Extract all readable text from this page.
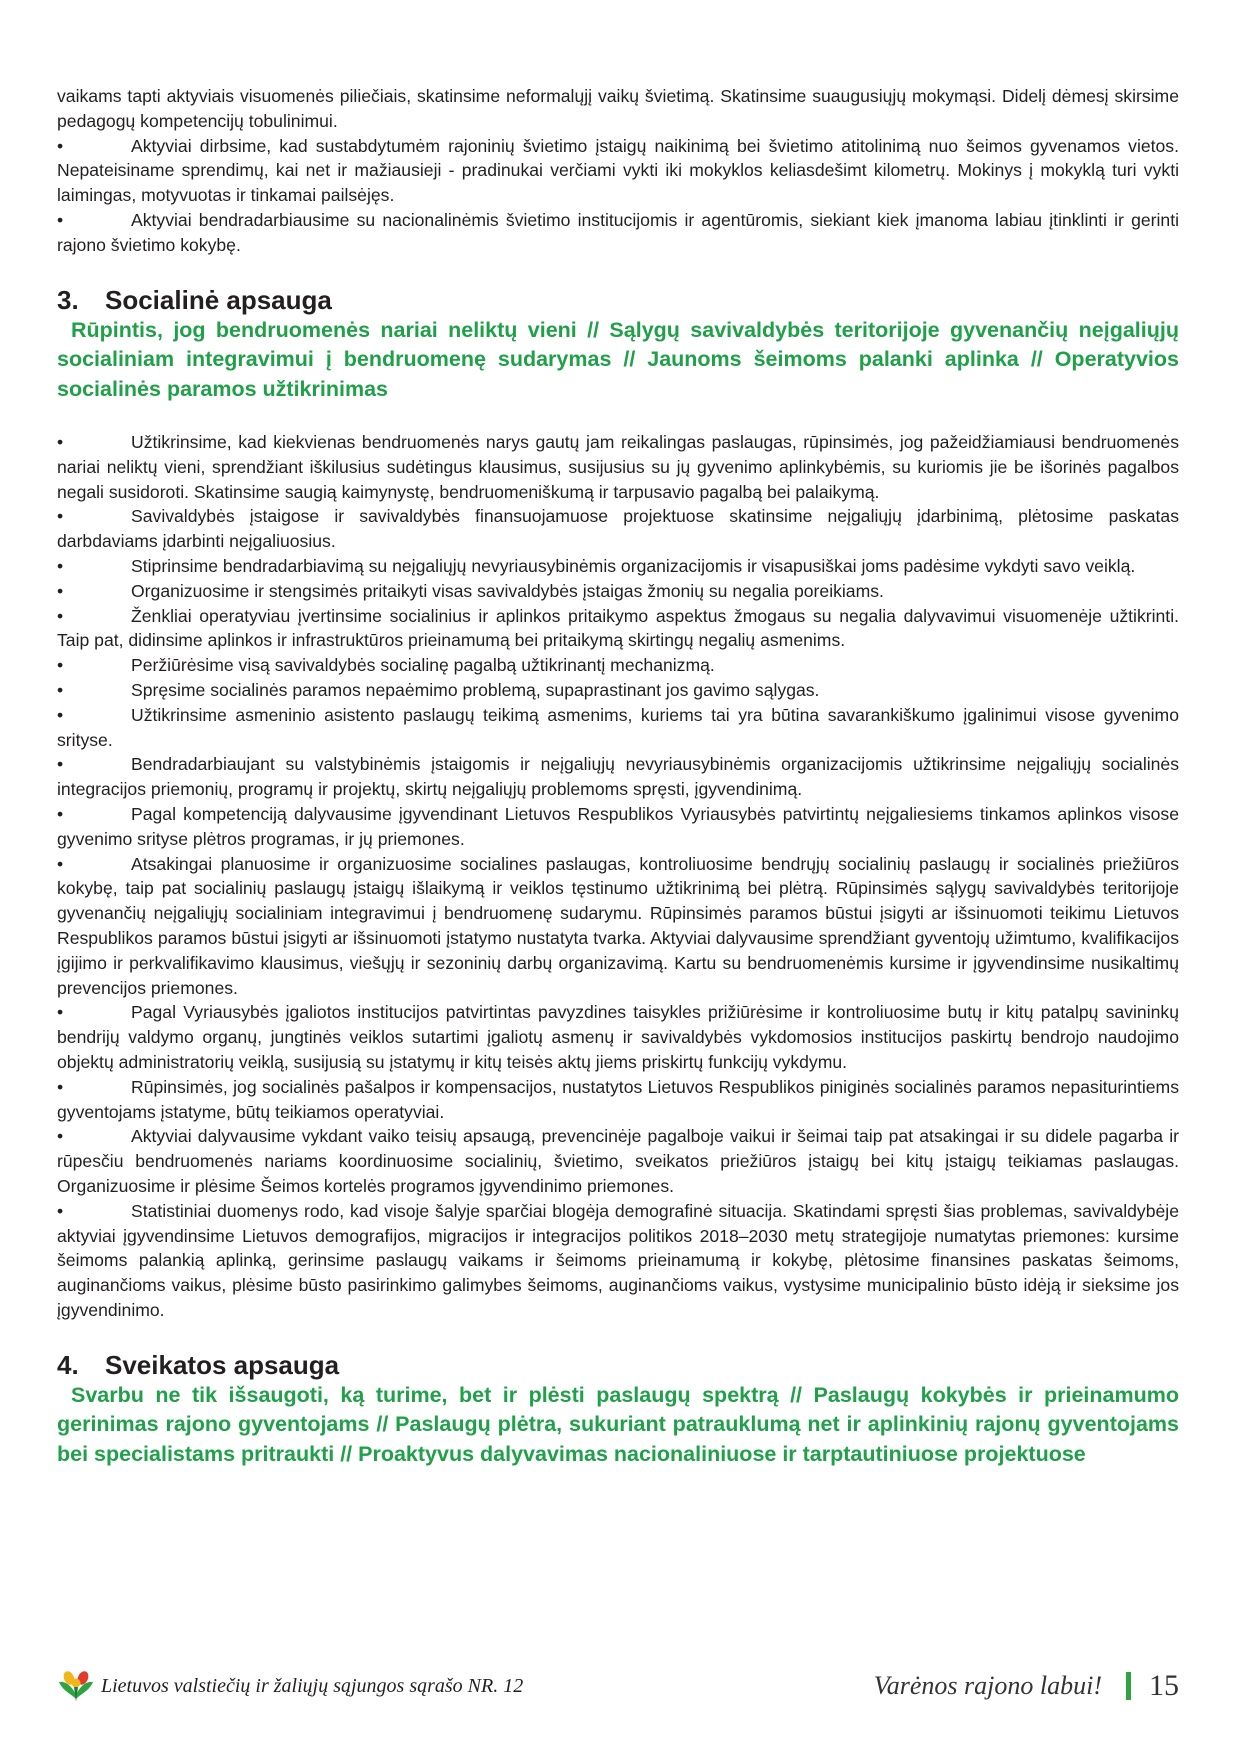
vaikams tapti aktyviais visuomenės piliečiais, skatinsime neformalųjį vaikų švietimą. Skatinsime suaugusiųjų mokymąsi. Didelį dėmesį skirsime pedagogų kompetencijų tobulinimui.

•	Aktyviai dirbsime, kad sustabdytumėm rajoninių švietimo įstaigų naikinimą bei švietimo atitolinimą nuo šeimos gyvenamos vietos. Nepateisiname sprendimų, kai net ir mažiausieji - pradinukai verčiami vykti iki mokyklos keliasdešimt kilometrų. Mokinys į mokyklą turi vykti laimingas, motyvuotas ir tinkamai pailsėjęs.

•	Aktyviai bendradarbiausime su nacionalinėmis švietimo institucijomis ir agentūromis, siekiant kiek įmanoma labiau įtinklinti ir gerinti rajono švietimo kokybę.

3. Socialinė apsauga

Rūpintis, jog bendruomenės nariai neliktų vieni // Sąlygų savivaldybės teritorijoje gyvenančių neįgaliųjų socialiniam integravimui į bendruomenę sudarymas // Jaunoms šeimoms palanki aplinka // Operatyvios socialinės paramos užtikrinimas

•	Užtikrinsime, kad kiekvienas bendruomenės narys gautų jam reikalingas paslaugas, rūpinsimės, jog pažeidžiamiausi bendruomenės nariai neliktų vieni, sprendžiant iškilusius sudėtingus klausimus, susijusius su jų gyvenimo aplinkybėmis, su kuriomis jie be išorinės pagalbos negali susidoroti. Skatinsime saugią kaimynystę, bendruomeniškumą ir tarpusavio pagalbą bei palaikymą.

•	Savivaldybės įstaigose ir savivaldybės finansuojamuose projektuose skatinsime neįgaliųjų įdarbinimą, plėtosime paskatas darbdaviams įdarbinti neįgaliuosius.

•	Stiprinsime bendradarbiavimą su neįgaliųjų nevyriausybinėmis organizacijomis ir visapusiškai joms padėsime vykdyti savo veiklą.

•	Organizuosime ir stengsimės pritaikyti visas savivaldybės įstaigas žmonių su negalia poreikiams.

•	Ženkliai operatyviau įvertinsime socialinius ir aplinkos pritaikymo aspektus žmogaus su negalia dalyvavimui visuomenėje užtikrinti. Taip pat, didinsime aplinkos ir infrastruktūros prieinamumą bei pritaikymą skirtingų negalių asmenims.

•	Peržiūrėsime visą savivaldybės socialinę pagalbą užtikrinantį mechanizmą.

•	Spręsime socialinės paramos nepaėmimo problemą, supaprastinant jos gavimo sąlygas.

•	Užtikrinsime asmeninio asistento paslaugų teikimą asmenims, kuriems tai yra būtina savarankiškumo įgalinimui visose gyvenimo srityse.

•	Bendradarbiaujant su valstybinėmis įstaigomis ir neįgaliųjų nevyriausybinėmis organizacijomis užtikrinsime neįgaliųjų socialinės integracijos priemonių, programų ir projektų, skirtų neįgaliųjų problemoms spręsti, įgyvendinimą.

•	Pagal kompetenciją dalyvausime įgyvendinant Lietuvos Respublikos Vyriausybės patvirtintų neįgaliesiems tinkamos aplinkos visose gyvenimo srityse plėtros programas, ir jų priemones.

•	Atsakingai planuosime ir organizuosime socialines paslaugas, kontroliuosime bendrųjų socialinių paslaugų ir socialinės priežiūros kokybę, taip pat socialinių paslaugų įstaigų išlaikymą ir veiklos tęstinumo užtikrinimą bei plėtrą. Rūpinsimės sąlygų savivaldybės teritorijoje gyvenančių neįgaliųjų socialiniam integravimui į bendruomenę sudarymu. Rūpinsimės paramos būstui įsigyti ar išsinuomoti teikimu Lietuvos Respublikos paramos būstui įsigyti ar išsinuomoti įstatymo nustatyta tvarka. Aktyviai dalyvausime sprendžiant gyventojų užimtumo, kvalifikacijos įgijimo ir perkvalifikavimo klausimus, viešųjų ir sezoninių darbų organizavimą. Kartu su bendruomenėmis kursime ir įgyvendinsime nusikaltimų prevencijos priemones.

•	Pagal Vyriausybės įgaliotos institucijos patvirtintas pavyzdines taisykles prižiūrėsime ir kontroliuosime butų ir kitų patalpų savininkų bendrijų valdymo organų, jungtinės veiklos sutartimi įgaliotų asmenų ir savivaldybės vykdomosios institucijos paskirtų bendrojo naudojimo objektų administratorių veiklą, susijusią su įstatymų ir kitų teisės aktų jiems priskirtų funkcijų vykdymu.

•	Rūpinsimės, jog socialinės pašalpos ir kompensacijos, nustatytos Lietuvos Respublikos piniginės socialinės paramos nepasiturintiems gyventojams įstatyme, būtų teikiamos operatyviai.

•	Aktyviai dalyvausime vykdant vaiko teisių apsaugą, prevencinėje pagalboje vaikui ir šeimai taip pat atsakingai ir su didele pagarba ir rūpesčiu bendruomenės nariams koordinuosime socialinių, švietimo, sveikatos priežiūros įstaigų bei kitų įstaigų teikiamas paslaugas. Organizuosime ir plėsime Šeimos kortelės programos įgyvendinimo priemones.

•	Statistiniai duomenys rodo, kad visoje šalyje sparčiai blogėja demografinė situacija. Skatindami spręsti šias problemas, savivaldybėje aktyviai įgyvendinsime Lietuvos demografijos, migracijos ir integracijos politikos 2018–2030 metų strategijoje numatytas priemones: kursime šeimoms palankią aplinką, gerinsime paslaugų vaikams ir šeimoms prieinamumą ir kokybę, plėtosime finansines paskatas šeimoms, auginančioms vaikus, plėsime būsto pasirinkimo galimybes šeimoms, auginančioms vaikus, vystysime municipalinio būsto idėją ir sieksime jos įgyvendinimo.

4. Sveikatos apsauga

Svarbu ne tik išsaugoti, ką turime, bet ir plėsti paslaugų spektrą // Paslaugų kokybės ir prieinamumo gerinimas rajono gyventojams // Paslaugų plėtra, sukuriant patrauklumą net ir aplinkinių rajonų gyventojams bei specialistams pritraukti // Proaktyvus dalyvavimas nacionaliniuose ir tarptautiniuose projektuose

Lietuvos valstiečių ir žaliųjų sąjungos sąrašo NR. 12	Varėnos rajono labui! 15
